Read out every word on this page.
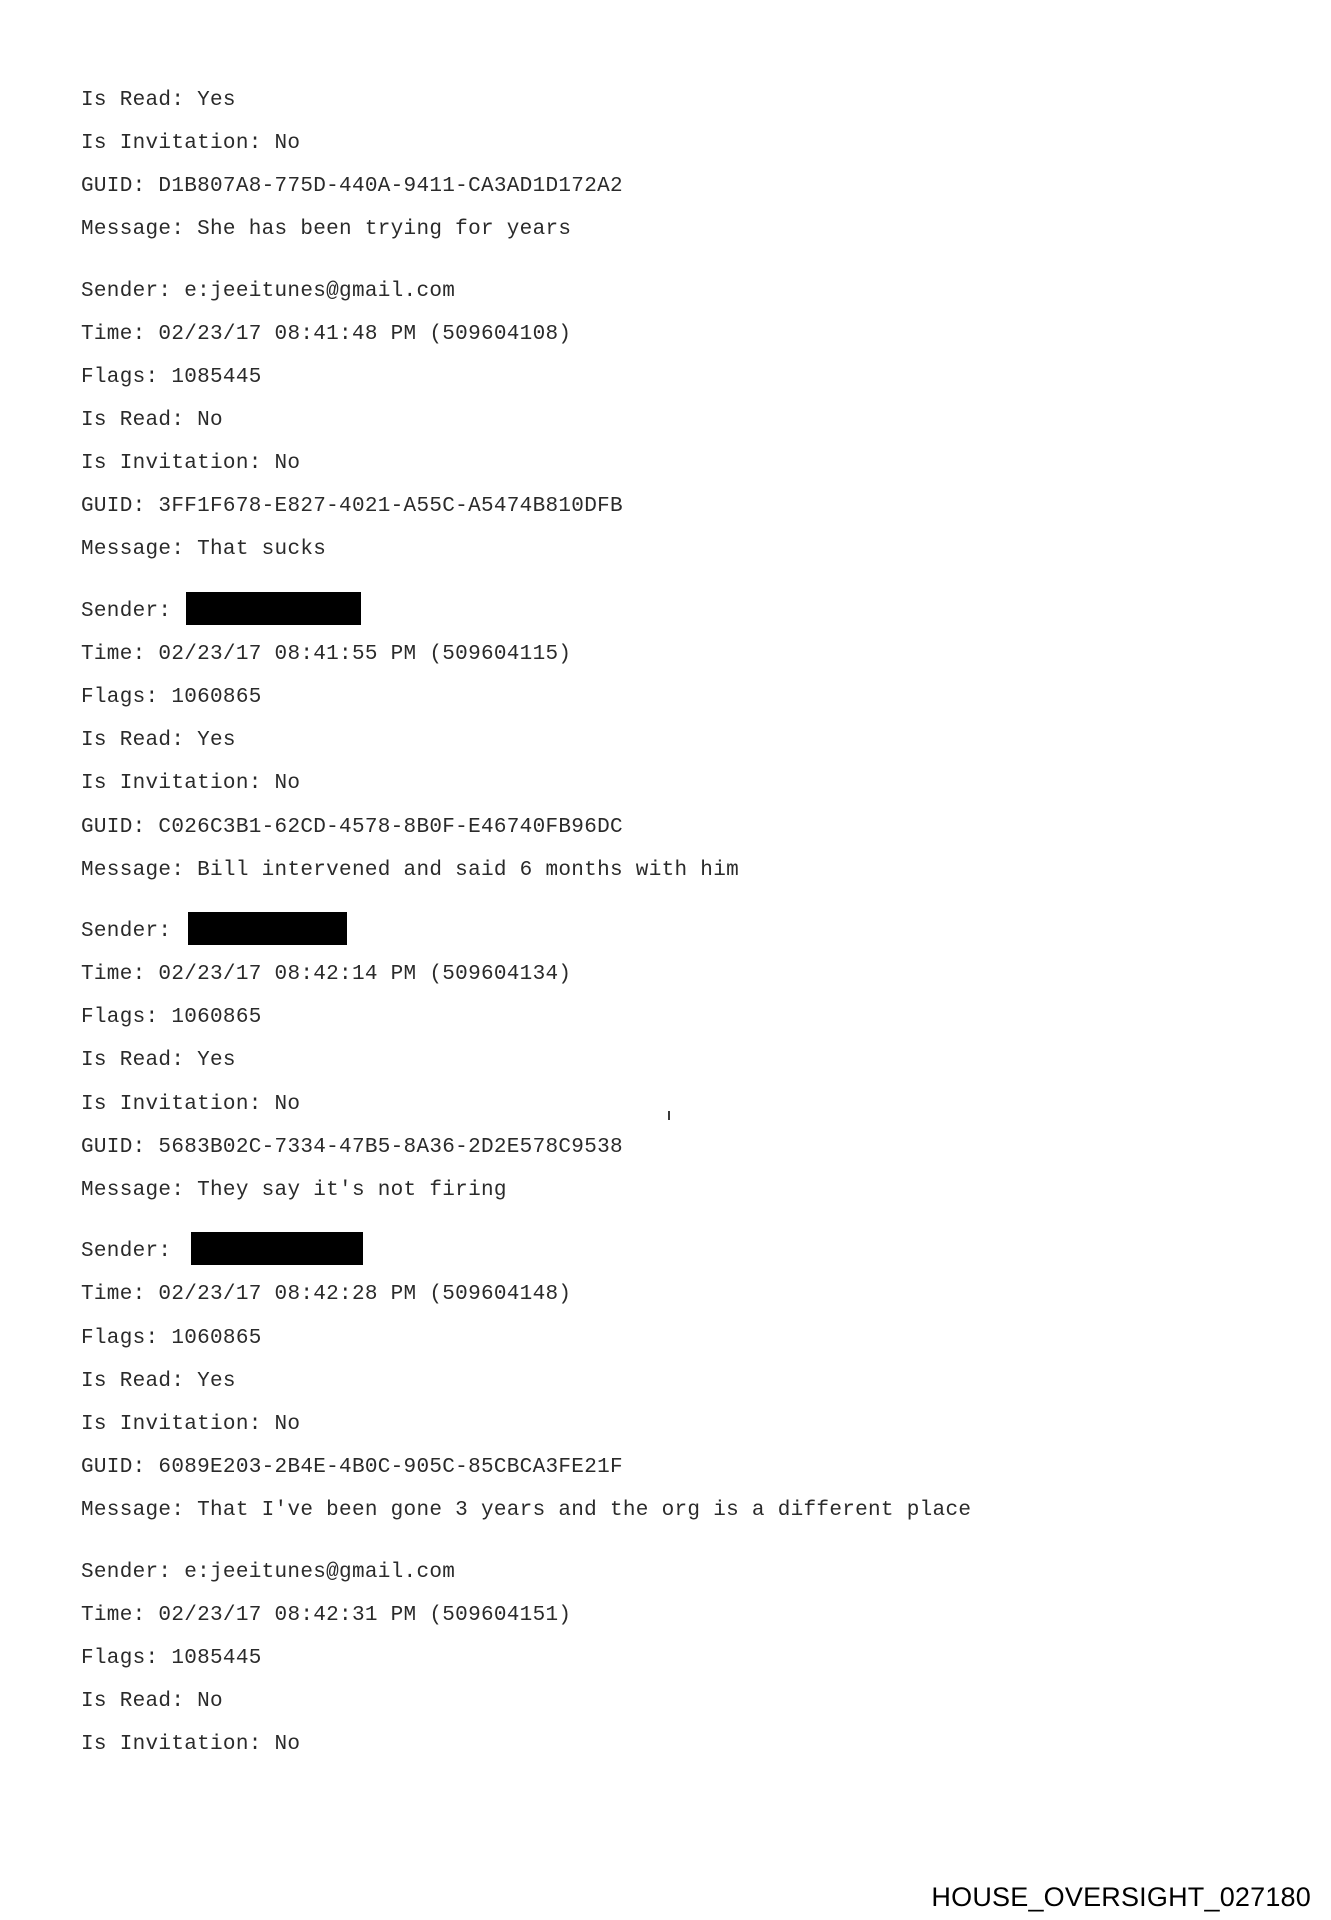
Is Read: Yes
Is Invitation: No
GUID: D1B807A8-775D-440A-9411-CA3AD1D172A2
Message: She has been trying for years
Sender: e:jeeitunes@gmail.com
Time: 02/23/17 08:41:48 PM (509604108)
Flags: 1085445
Is Read: No
Is Invitation: No
GUID: 3FF1F678-E827-4021-A55C-A5474B810DFB
Message: That sucks
Sender:
Time: 02/23/17 08:41:55 PM (509604115)
Flags: 1060865
Is Read: Yes
Is Invitation: No
GUID: C026C3B1-62CD-4578-8B0F-E46740FB96DC
Message: Bill intervened and said 6 months with him
Sender:
Time: 02/23/17 08:42:14 PM (509604134)
Flags: 1060865
Is Read: Yes
Is Invitation: No
GUID: 5683B02C-7334-47B5-8A36-2D2E578C9538
Message: They say it's not firing
Sender:
Time: 02/23/17 08:42:28 PM (509604148)
Flags: 1060865
Is Read: Yes
Is Invitation: No
GUID: 6089E203-2B4E-4B0C-905C-85CBCA3FE21F
Message: That I've been gone 3 years and the org is a different place
Sender: e:jeeitunes@gmail.com
Time: 02/23/17 08:42:31 PM (509604151)
Flags: 1085445
Is Read: No
Is Invitation: No
HOUSE_OVERSIGHT_027180
